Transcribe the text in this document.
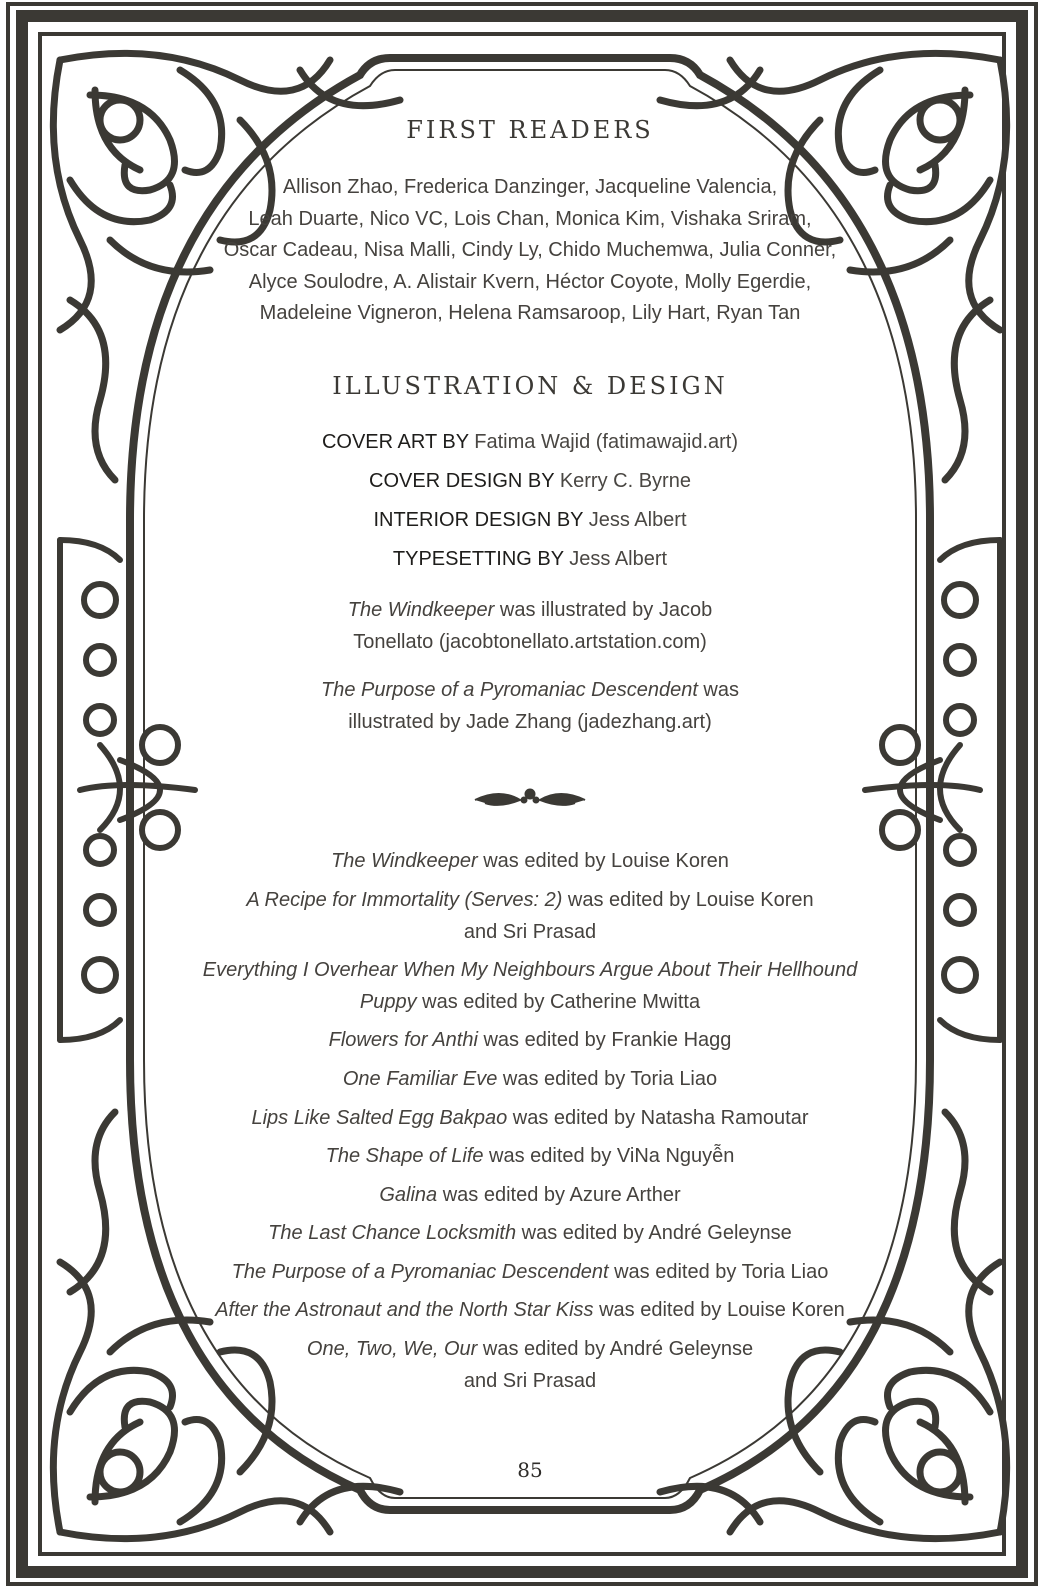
FIRST READERS
Allison Zhao, Frederica Danzinger, Jacqueline Valencia,
Leah Duarte, Nico VC, Lois Chan, Monica Kim, Vishaka Sriram,
Oscar Cadeau, Nisa Malli, Cindy Ly, Chido Muchemwa, Julia Conner,
Alyce Soulodre, A. Alistair Kvern, Héctor Coyote, Molly Egerdie,
Madeleine Vigneron, Helena Ramsaroop, Lily Hart, Ryan Tan
ILLUSTRATION & DESIGN

COVER ART BY Fatima Wajid (fatimawajid.art)

COVER DESIGN BY Kerry C. Byrne

INTERIOR DESIGN BY Jess Albert

TYPESETTING BY Jess Albert

The Windkeeper was illustrated by Jacob
Tonellato (jacobtonellato.artstation.com)

The Purpose of a Pyromaniac Descendent was
illustrated by Jade Zhang (jadezhang.art)

The Windkeeper was edited by Louise Koren

A Recipe for Immortality (Serves: 2) was edited by Louise Koren
and Sri Prasad

Everything I Overhear When My Neighbours Argue About Their Hellhound
Puppy was edited by Catherine Mwitta

Flowers for Anthi was edited by Frankie Hagg

One Familiar Eve was edited by Toria Liao

Lips Like Salted Egg Bakpao was edited by Natasha Ramoutar

The Shape of Life was edited by ViNa Nguyễn

Galina was edited by Azure Arther

The Last Chance Locksmith was edited by André Geleynse

The Purpose of a Pyromaniac Descendent was edited by Toria Liao

After the Astronaut and the North Star Kiss was edited by Louise Koren

One, Two, We, Our was edited by André Geleynse
and Sri Prasad

85
